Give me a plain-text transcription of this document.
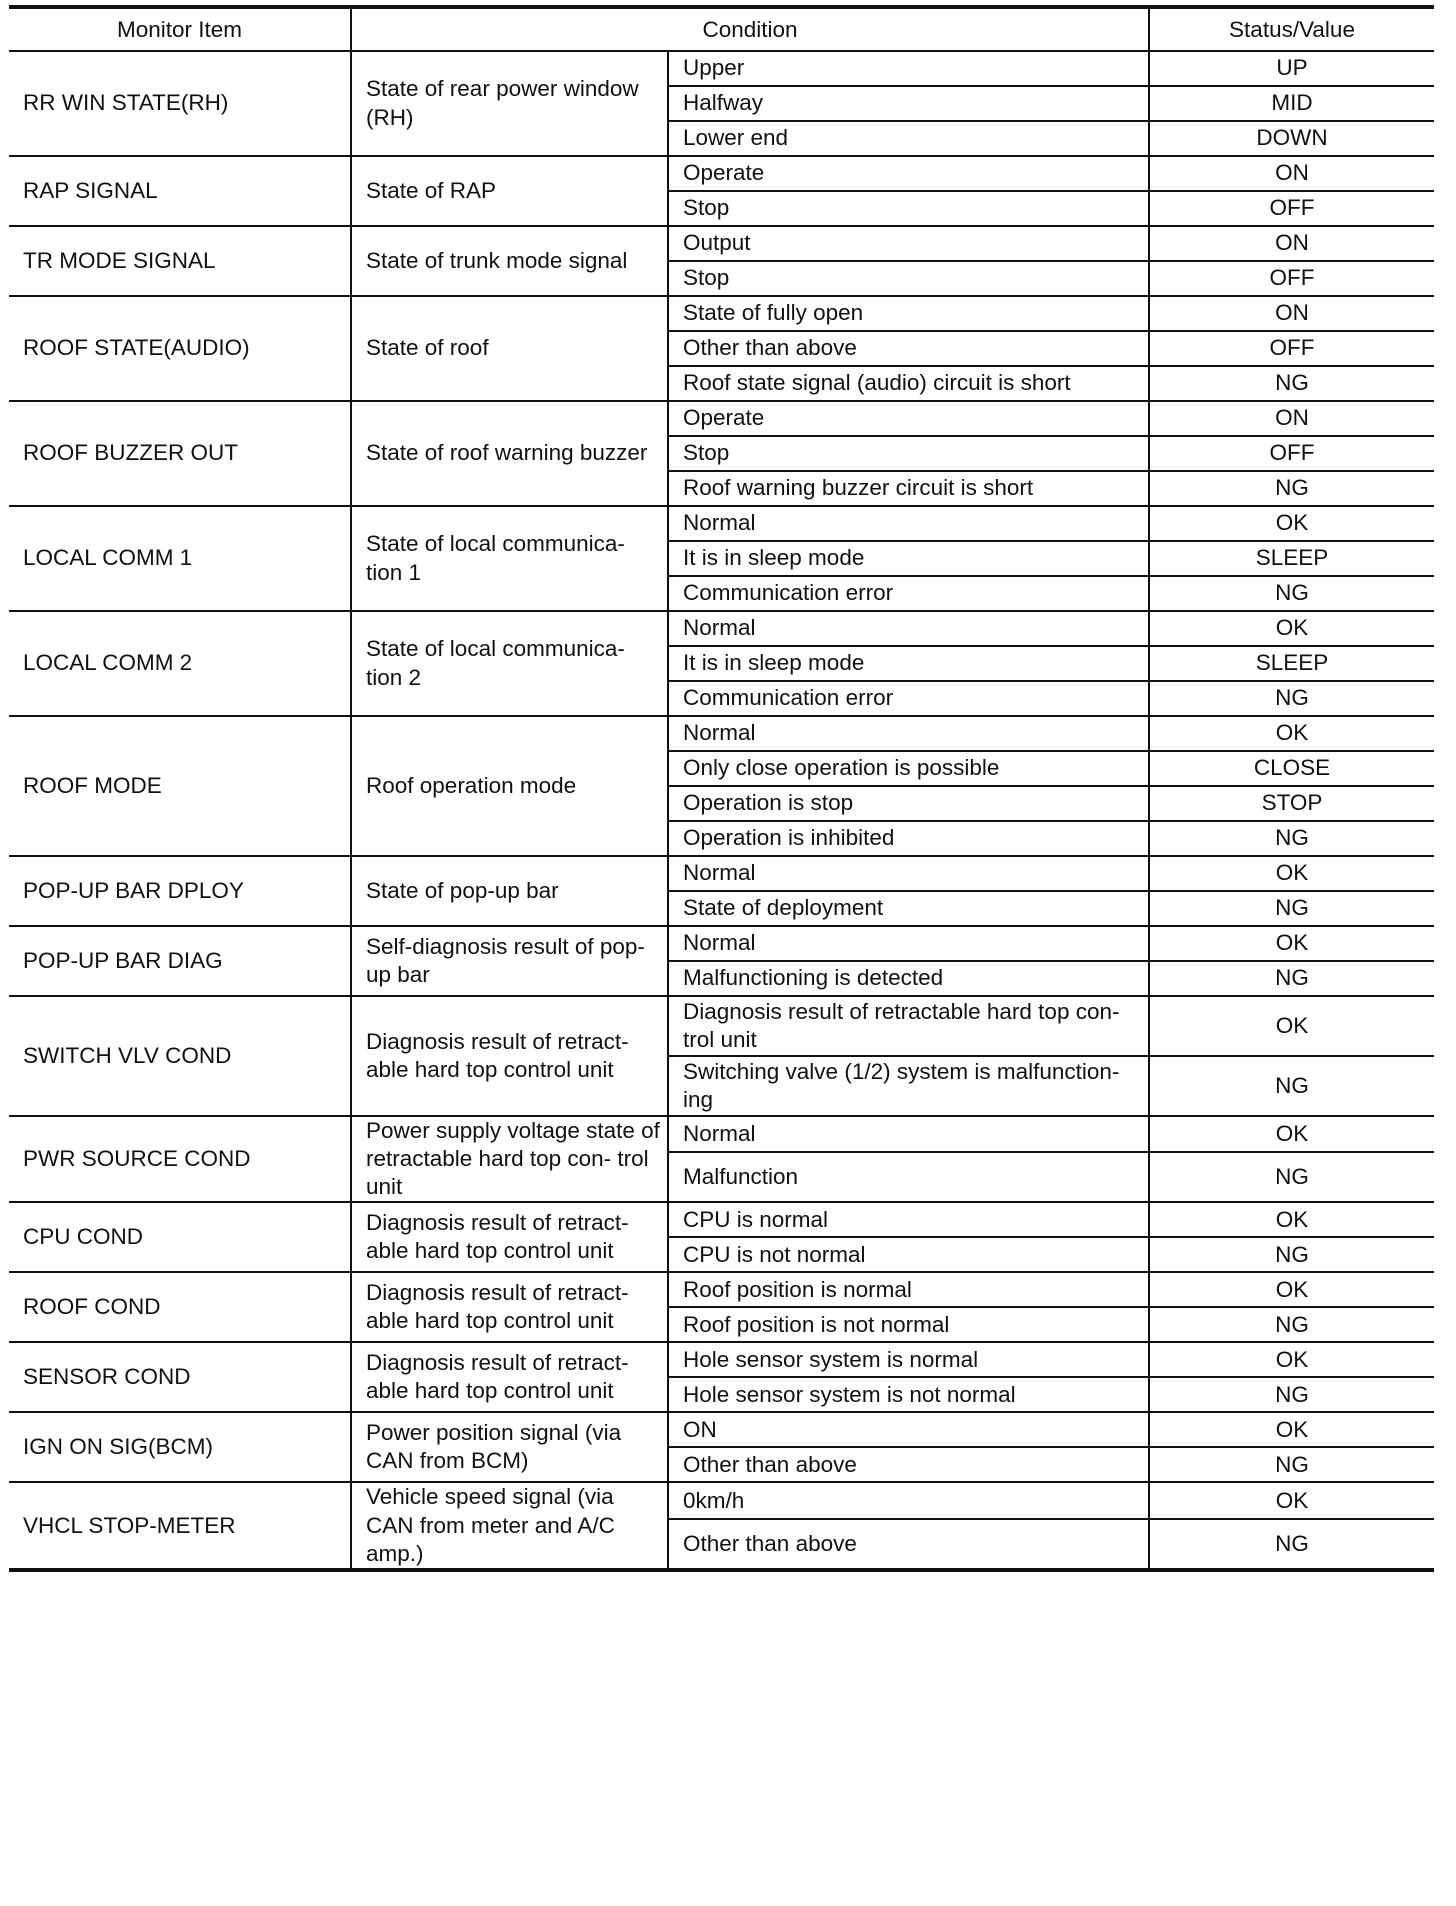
Monitor Item	Condition		Status/Value
RR WIN STATE(RH)	State of rear power window (RH)	Upper	UP
		Halfway	MID
		Lower end	DOWN
RAP SIGNAL	State of RAP	Operate	ON
		Stop	OFF
TR MODE SIGNAL	State of trunk mode signal	Output	ON
		Stop	OFF
ROOF STATE(AUDIO)	State of roof	State of fully open	ON
		Other than above	OFF
		Roof state signal (audio) circuit is short	NG
ROOF BUZZER OUT	State of roof warning buzzer	Operate	ON
		Stop	OFF
		Roof warning buzzer circuit is short	NG
LOCAL COMM 1	State of local communica- tion 1	Normal	OK
		It is in sleep mode	SLEEP
		Communication error	NG
LOCAL COMM 2	State of local communica- tion 2	Normal	OK
		It is in sleep mode	SLEEP
		Communication error	NG
ROOF MODE	Roof operation mode	Normal	OK
		Only close operation is possible	CLOSE
		Operation is stop	STOP
		Operation is inhibited	NG
POP-UP BAR DPLOY	State of pop-up bar	Normal	OK
		State of deployment	NG
POP-UP BAR DIAG	Self-diagnosis result of pop- up bar	Normal	OK
		Malfunctioning is detected	NG
SWITCH VLV COND	Diagnosis result of retract- able hard top control unit	Diagnosis result of retractable hard top con- trol unit	OK
		Switching valve (1/2) system is malfunction- ing	NG
PWR SOURCE COND	Power supply voltage state of retractable hard top con- trol unit	Normal	OK
		Malfunction	NG
CPU COND	Diagnosis result of retract- able hard top control unit	CPU is normal	OK
		CPU is not normal	NG
ROOF COND	Diagnosis result of retract- able hard top control unit	Roof position is normal	OK
		Roof position is not normal	NG
SENSOR COND	Diagnosis result of retract- able hard top control unit	Hole sensor system is normal	OK
		Hole sensor system is not normal	NG
IGN ON SIG(BCM)	Power position signal (via CAN from BCM)	ON	OK
		Other than above	NG
VHCL STOP-METER	Vehicle speed signal (via CAN from meter and A/C amp.)	0km/h	OK
		Other than above	NG
